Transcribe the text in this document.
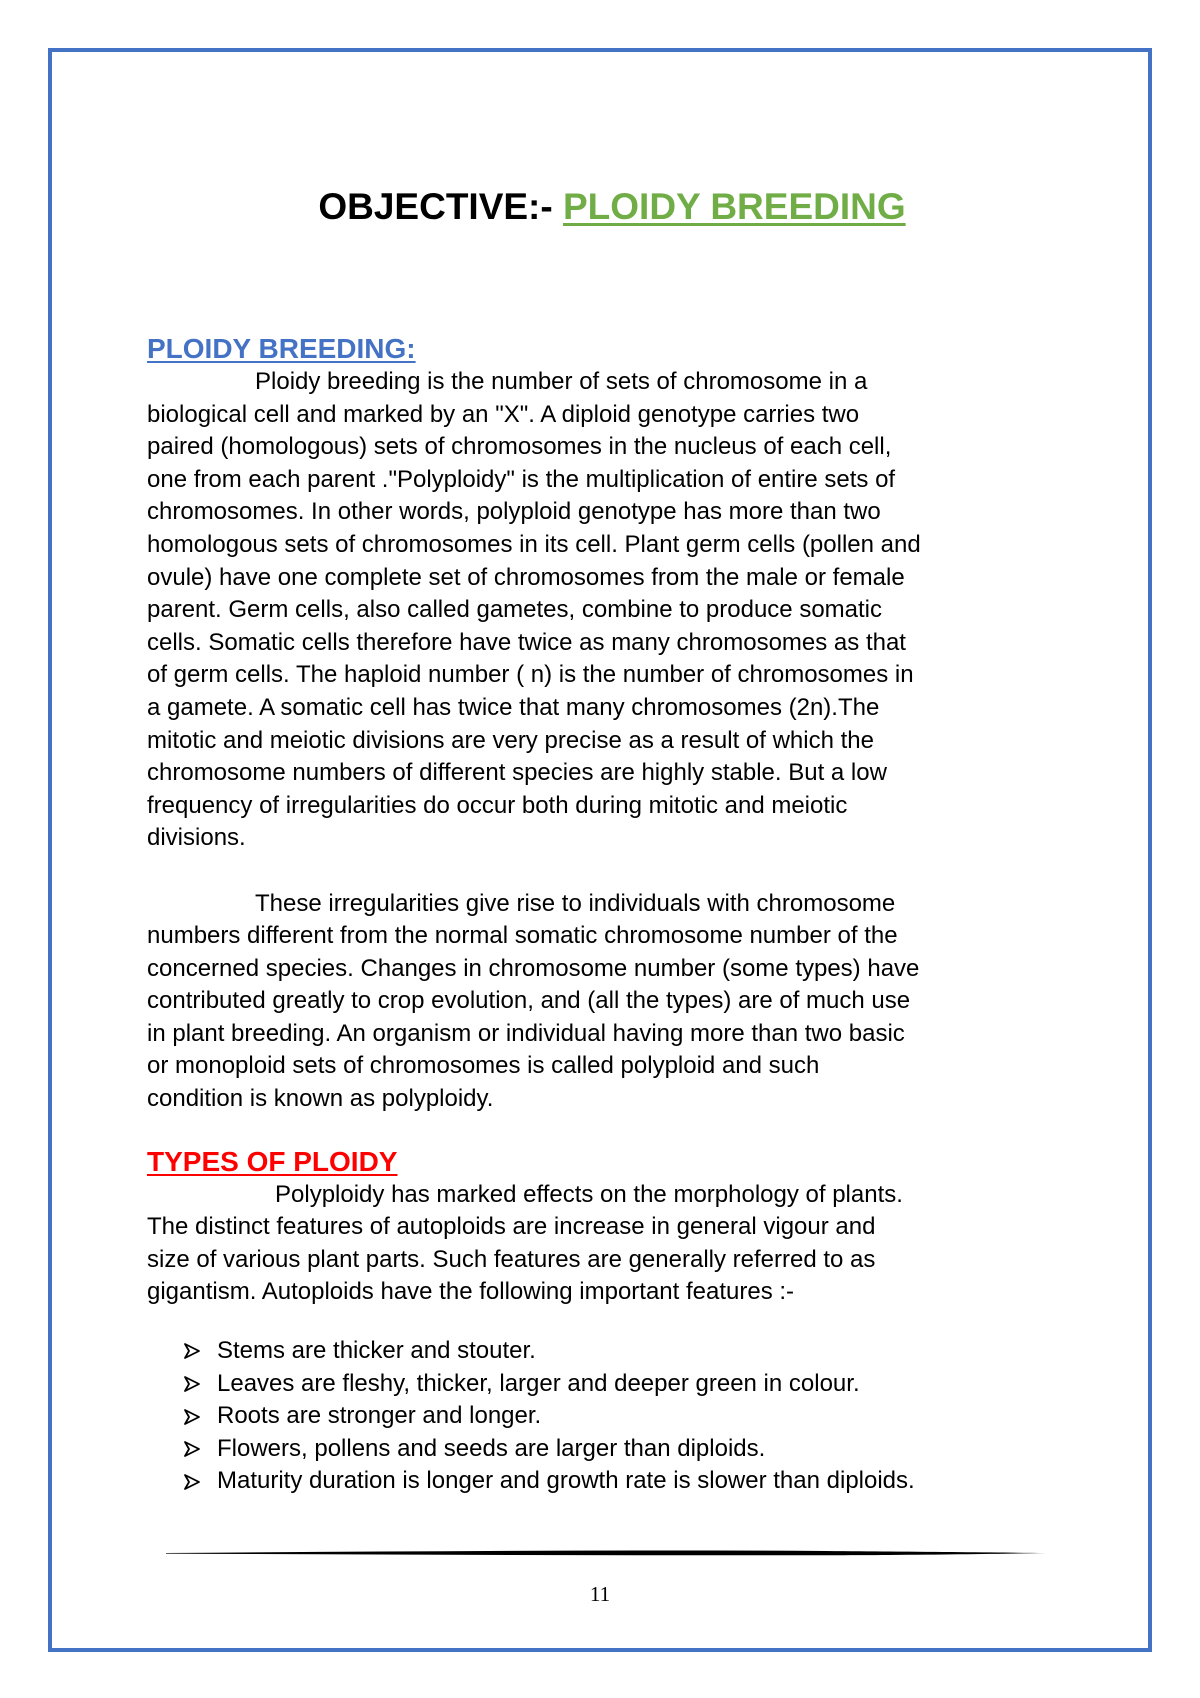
OBJECTIVE:- PLOIDY BREEDING
PLOIDY BREEDING:
Ploidy breeding is the number of sets of chromosome in a
biological cell and marked by an "X". A diploid genotype carries two
paired (homologous) sets of chromosomes in the nucleus of each cell,
one from each parent ."Polyploidy" is the multiplication of entire sets of
chromosomes. In other words, polyploid genotype has more than two
homologous sets of chromosomes in its cell. Plant germ cells (pollen and
ovule) have one complete set of chromosomes from the male or female
parent. Germ cells, also called gametes, combine to produce somatic
cells. Somatic cells therefore have twice as many chromosomes as that
of germ cells. The haploid number ( n) is the number of chromosomes in
a gamete. A somatic cell has twice that many chromosomes (2n).The
mitotic and meiotic divisions are very precise as a result of which the
chromosome numbers of different species are highly stable. But a low
frequency of irregularities do occur both during mitotic and meiotic
divisions.
These irregularities give rise to individuals with chromosome
numbers different from the normal somatic chromosome number of the
concerned species. Changes in chromosome number (some types) have
contributed greatly to crop evolution, and (all the types) are of much use
in plant breeding. An organism or individual having more than two basic
or monoploid sets of chromosomes is called polyploid and such
condition is known as polyploidy.
TYPES OF PLOIDY
Polyploidy has marked effects on the morphology of plants.
The distinct features of autoploids are increase in general vigour and
size of various plant parts. Such features are generally referred to as
gigantism. Autoploids have the following important features :-
Stems are thicker and stouter.
Leaves are fleshy, thicker, larger and deeper green in colour.
Roots are stronger and longer.
Flowers, pollens and seeds are larger than diploids.
Maturity duration is longer and growth rate is slower than diploids.
11
